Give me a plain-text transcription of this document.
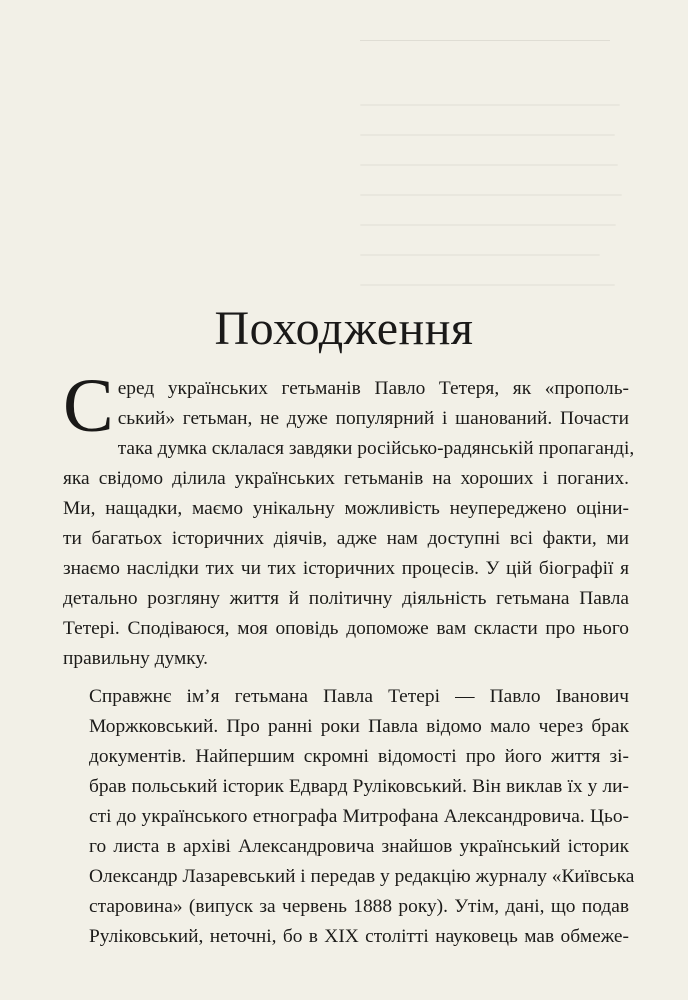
Походження

С еред українських гетьманів Павло Тетеря, як «прополь-
ський» гетьман, не дуже популярний і шанований. Почасти
така думка склалася завдяки російсько-радянській пропаганді,
яка свідомо ділила українських гетьманів на хороших і поганих.
Ми, нащадки, маємо унікальну можливість неупереджено оціни-
ти багатьох історичних діячів, адже нам доступні всі факти, ми
знаємо наслідки тих чи тих історичних процесів. У цій біографії я
детально розгляну життя й політичну діяльність гетьмана Павла
Тетері. Сподіваюся, моя оповідь допоможе вам скласти про нього
правильну думку.

Справжнє ім’я гетьмана Павла Тетері — Павло Іванович
Моржковський. Про ранні роки Павла відомо мало через брак
документів. Найпершим скромні відомості про його життя зі-
брав польський історик Едвард Руліковський. Він виклав їх у ли-
сті до українського етнографа Митрофана Александровича. Цьо-
го листа в архіві Александровича знайшов український історик
Олександр Лазаревський і передав у редакцію журналу «Київська
старовина» (випуск за червень 1888 року). Утім, дані, що подав
Руліковський, неточні, бо в XIX столітті науковець мав обмеже-
